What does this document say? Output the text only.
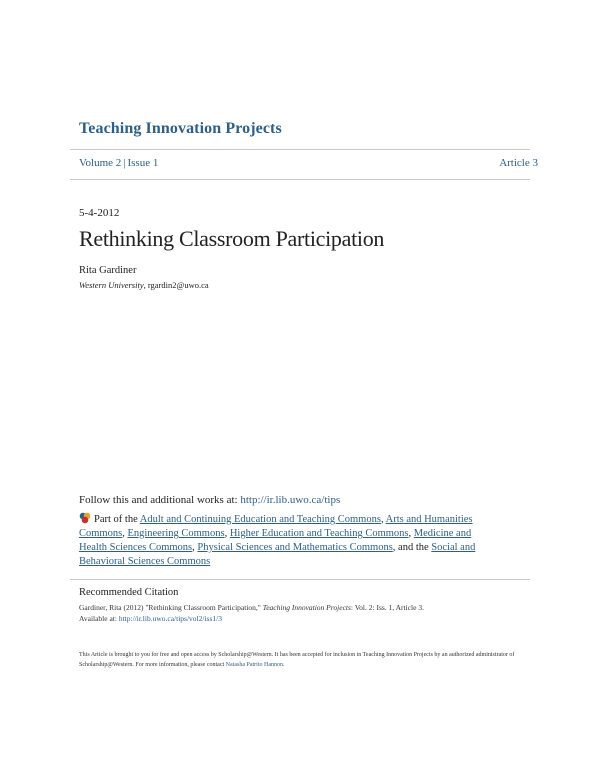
Teaching Innovation Projects
Volume 2 | Issue 1	Article 3
5-4-2012
Rethinking Classroom Participation
Rita Gardiner
Western University, rgardin2@uwo.ca
Follow this and additional works at: http://ir.lib.uwo.ca/tips
Part of the Adult and Continuing Education and Teaching Commons, Arts and Humanities Commons, Engineering Commons, Higher Education and Teaching Commons, Medicine and Health Sciences Commons, Physical Sciences and Mathematics Commons, and the Social and Behavioral Sciences Commons
Recommended Citation
Gardiner, Rita (2012) "Rethinking Classroom Participation," Teaching Innovation Projects: Vol. 2: Iss. 1, Article 3.
Available at: http://ir.lib.uwo.ca/tips/vol2/iss1/3
This Article is brought to you for free and open access by Scholarship@Western. It has been accepted for inclusion in Teaching Innovation Projects by an authorized administrator of Scholarship@Western. For more information, please contact Natasha Patrito Hannon.
